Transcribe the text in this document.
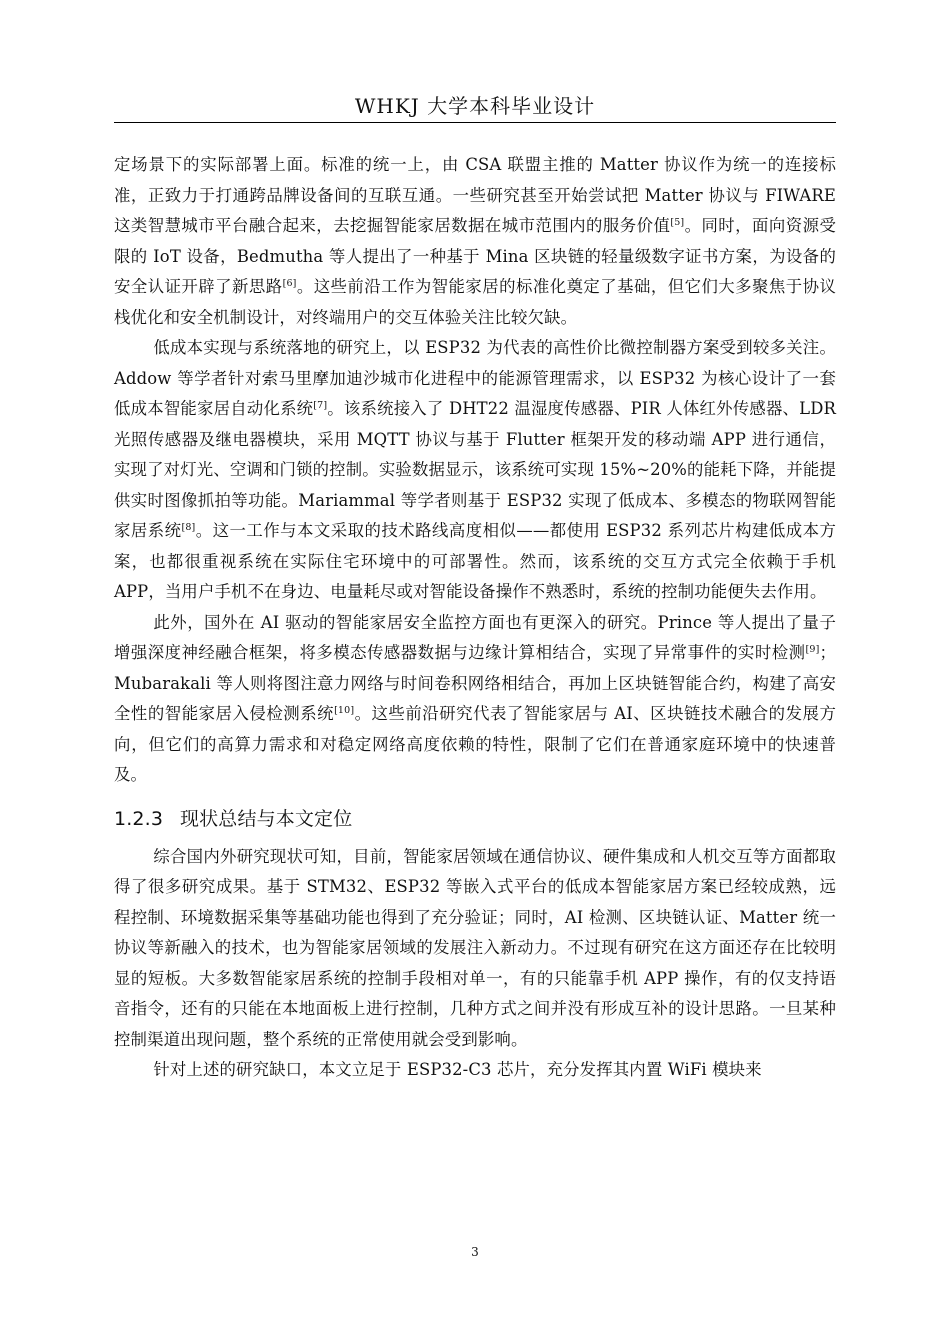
WHKJ 大学本科毕业设计

定场景下的实际部署上面。标准的统一上，由 CSA 联盟主推的 Matter 协议作为统一的连接标准，正致力于打通跨品牌设备间的互联互通。一些研究甚至开始尝试把 Matter 协议与 FIWARE 这类智慧城市平台融合起来，去挖掘智能家居数据在城市范围内的服务价值[5]。同时，面向资源受限的 IoT 设备，Bedmutha 等人提出了一种基于 Mina 区块链的轻量级数字证书方案，为设备的安全认证开辟了新思路[6]。这些前沿工作为智能家居的标准化奠定了基础，但它们大多聚焦于协议栈优化和安全机制设计，对终端用户的交互体验关注比较欠缺。

低成本实现与系统落地的研究上，以 ESP32 为代表的高性价比微控制器方案受到较多关注。Addow 等学者针对索马里摩加迪沙城市化进程中的能源管理需求，以 ESP32 为核心设计了一套低成本智能家居自动化系统[7]。该系统接入了 DHT22 温湿度传感器、PIR 人体红外传感器、LDR 光照传感器及继电器模块，采用 MQTT 协议与基于 Flutter 框架开发的移动端 APP 进行通信，实现了对灯光、空调和门锁的控制。实验数据显示，该系统可实现 15%~20%的能耗下降，并能提供实时图像抓拍等功能。Mariammal 等学者则基于 ESP32 实现了低成本、多模态的物联网智能家居系统[8]。这一工作与本文采取的技术路线高度相似——都使用 ESP32 系列芯片构建低成本方案，也都很重视系统在实际住宅环境中的可部署性。然而，该系统的交互方式完全依赖于手机 APP，当用户手机不在身边、电量耗尽或对智能设备操作不熟悉时，系统的控制功能便失去作用。

此外，国外在 AI 驱动的智能家居安全监控方面也有更深入的研究。Prince 等人提出了量子增强深度神经融合框架，将多模态传感器数据与边缘计算相结合，实现了异常事件的实时检测[9]；Mubarakali 等人则将图注意力网络与时间卷积网络相结合，再加上区块链智能合约，构建了高安全性的智能家居入侵检测系统[10]。这些前沿研究代表了智能家居与 AI、区块链技术融合的发展方向，但它们的高算力需求和对稳定网络高度依赖的特性，限制了它们在普通家庭环境中的快速普及。

1.2.3 现状总结与本文定位

综合国内外研究现状可知，目前，智能家居领域在通信协议、硬件集成和人机交互等方面都取得了很多研究成果。基于 STM32、ESP32 等嵌入式平台的低成本智能家居方案已经较成熟，远程控制、环境数据采集等基础功能也得到了充分验证；同时，AI 检测、区块链认证、Matter 统一协议等新融入的技术，也为智能家居领域的发展注入新动力。不过现有研究在这方面还存在比较明显的短板。大多数智能家居系统的控制手段相对单一，有的只能靠手机 APP 操作，有的仅支持语音指令，还有的只能在本地面板上进行控制，几种方式之间并没有形成互补的设计思路。一旦某种控制渠道出现问题，整个系统的正常使用就会受到影响。

针对上述的研究缺口，本文立足于 ESP32-C3 芯片，充分发挥其内置 WiFi 模块来

3
